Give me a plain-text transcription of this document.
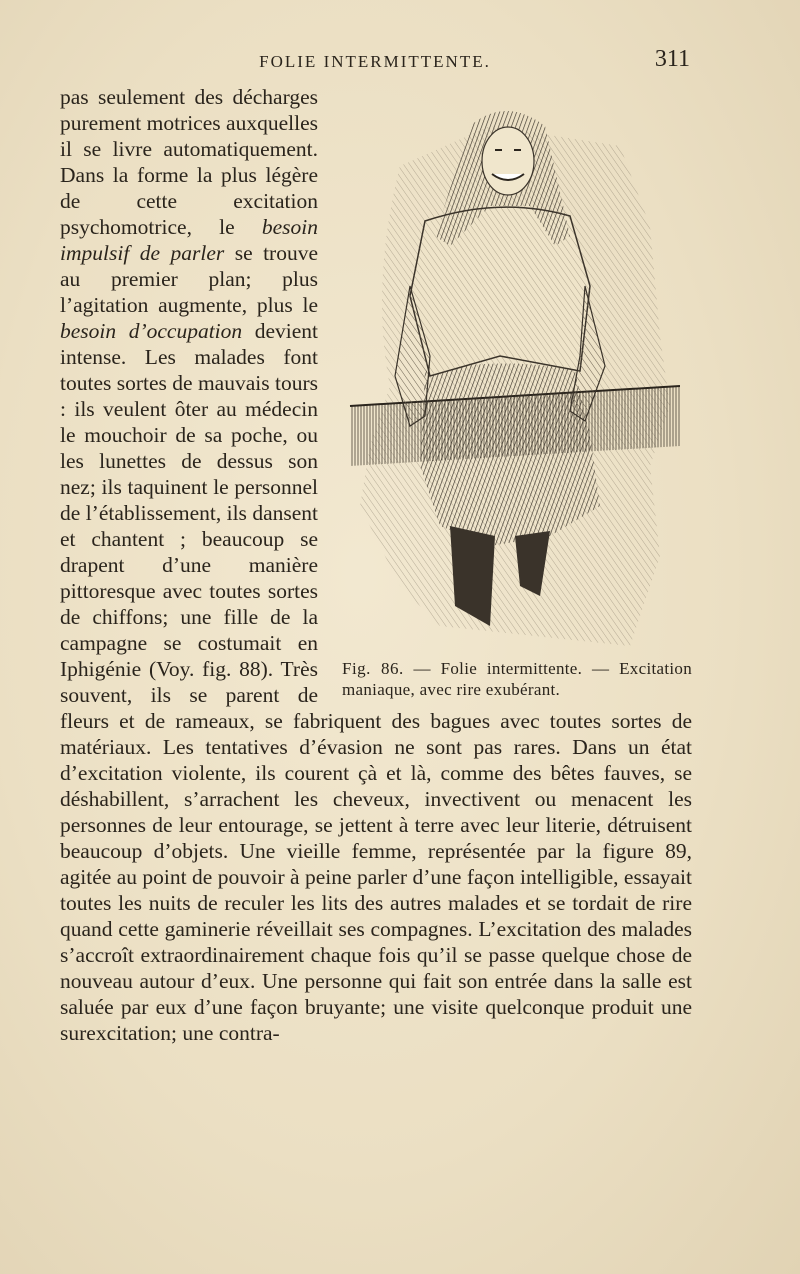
FOLIE INTERMITTENTE.	311
Fig. 86. — Folie intermittente. — Excitation maniaque, avec rire exubérant.

pas seulement des décharges purement motrices auxquelles il se livre automatiquement. Dans la forme la plus légère de cette excitation psychomotrice, le besoin impulsif de parler se trouve au premier plan; plus l’agitation augmente, plus le besoin d’occupation devient intense. Les malades font toutes sortes de mauvais tours : ils veulent ôter au médecin le mouchoir de sa poche, ou les lunettes de dessus son nez; ils taquinent le personnel de l’établissement, ils dansent et chantent ; beaucoup se drapent d’une manière pittoresque avec toutes sortes de chiffons; une fille de la campagne se costumait en Iphigénie (Voy. fig. 88). Très souvent, ils se parent de fleurs et de rameaux, se fabriquent des bagues avec toutes sortes de matériaux. Les tentatives d’évasion ne sont pas rares. Dans un état d’excitation violente, ils courent çà et là, comme des bêtes fauves, se déshabillent, s’arrachent les cheveux, invectivent ou menacent les personnes de leur entourage, se jettent à terre avec leur literie, détruisent beaucoup d’objets. Une vieille femme, représentée par la figure 89, agitée au point de pouvoir à peine parler d’une façon intelligible, essayait toutes les nuits de reculer les lits des autres malades et se tordait de rire quand cette gaminerie réveillait ses compagnes. L’excitation des malades s’accroît extraordinairement chaque fois qu’il se passe quelque chose de nouveau autour d’eux. Une personne qui fait son entrée dans la salle est saluée par eux d’une façon bruyante; une visite quelconque produit une surexcitation; une contra-
